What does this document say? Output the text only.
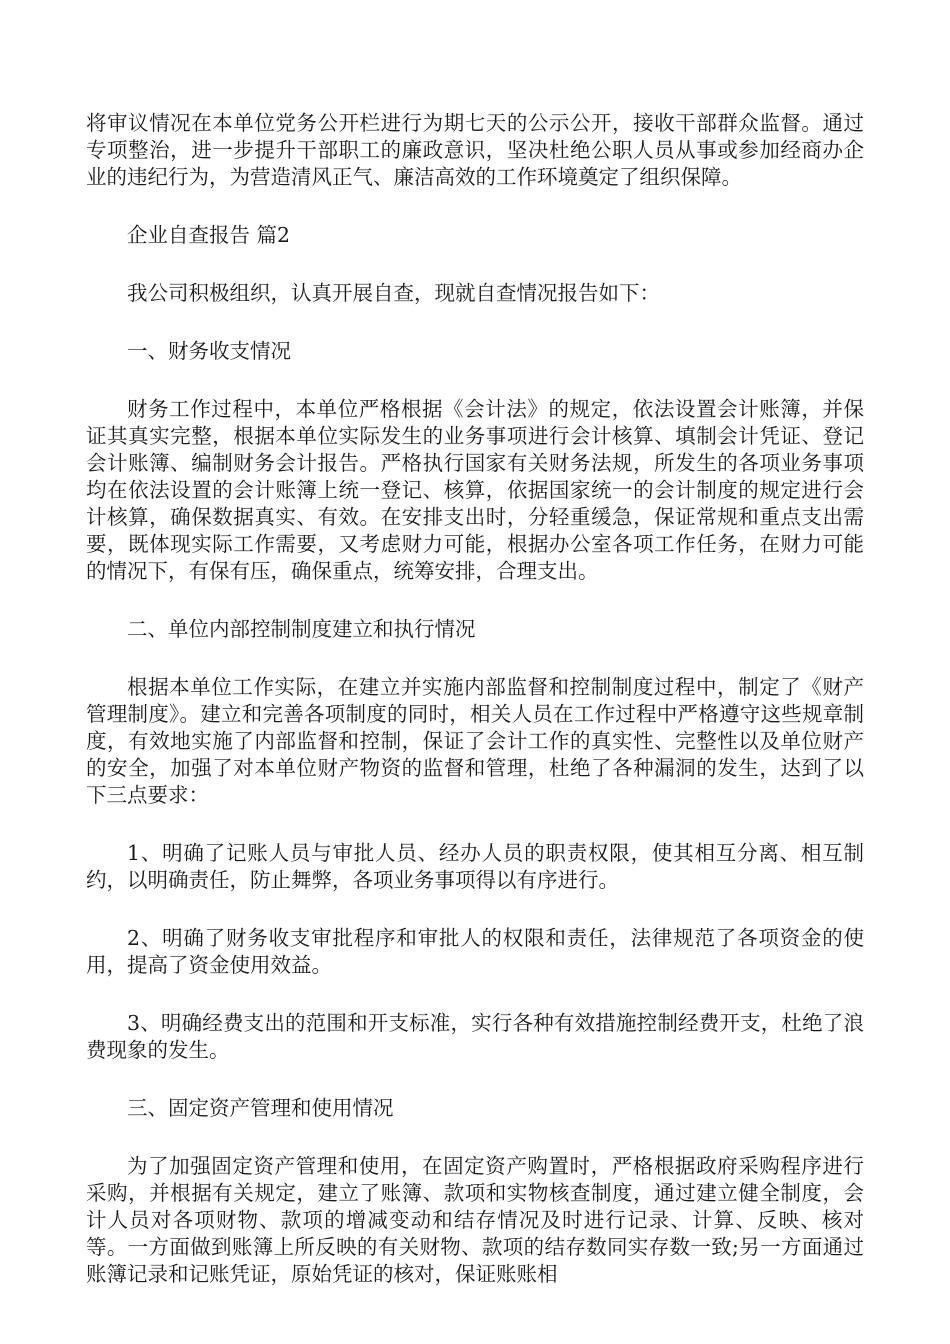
将审议情况在本单位党务公开栏进行为期七天的公示公开，接收干部群众监督。通过专项整治，进一步提升干部职工的廉政意识，坚决杜绝公职人员从事或参加经商办企业的违纪行为，为营造清风正气、廉洁高效的工作环境奠定了组织保障。

企业自查报告 篇2

我公司积极组织，认真开展自查，现就自查情况报告如下：

一、财务收支情况

财务工作过程中，本单位严格根据《会计法》的规定，依法设置会计账簿，并保证其真实完整，根据本单位实际发生的业务事项进行会计核算、填制会计凭证、登记会计账簿、编制财务会计报告。严格执行国家有关财务法规，所发生的各项业务事项均在依法设置的会计账簿上统一登记、核算，依据国家统一的会计制度的规定进行会计核算，确保数据真实、有效。在安排支出时，分轻重缓急，保证常规和重点支出需要，既体现实际工作需要，又考虑财力可能，根据办公室各项工作任务，在财力可能的情况下，有保有压，确保重点，统筹安排，合理支出。

二、单位内部控制制度建立和执行情况

根据本单位工作实际，在建立并实施内部监督和控制制度过程中，制定了《财产管理制度》。建立和完善各项制度的同时，相关人员在工作过程中严格遵守这些规章制度，有效地实施了内部监督和控制，保证了会计工作的真实性、完整性以及单位财产的安全，加强了对本单位财产物资的监督和管理，杜绝了各种漏洞的发生，达到了以下三点要求：

1、明确了记账人员与审批人员、经办人员的职责权限，使其相互分离、相互制约，以明确责任，防止舞弊，各项业务事项得以有序进行。

2、明确了财务收支审批程序和审批人的权限和责任，法律规范了各项资金的使用，提高了资金使用效益。

3、明确经费支出的范围和开支标准，实行各种有效措施控制经费开支，杜绝了浪费现象的发生。

三、固定资产管理和使用情况

为了加强固定资产管理和使用，在固定资产购置时，严格根据政府采购程序进行采购，并根据有关规定，建立了账簿、款项和实物核查制度，通过建立健全制度，会计人员对各项财物、款项的增减变动和结存情况及时进行记录、计算、反映、核对等。一方面做到账簿上所反映的有关财物、款项的结存数同实存数一致;另一方面通过账簿记录和记账凭证，原始凭证的核对，保证账账相
